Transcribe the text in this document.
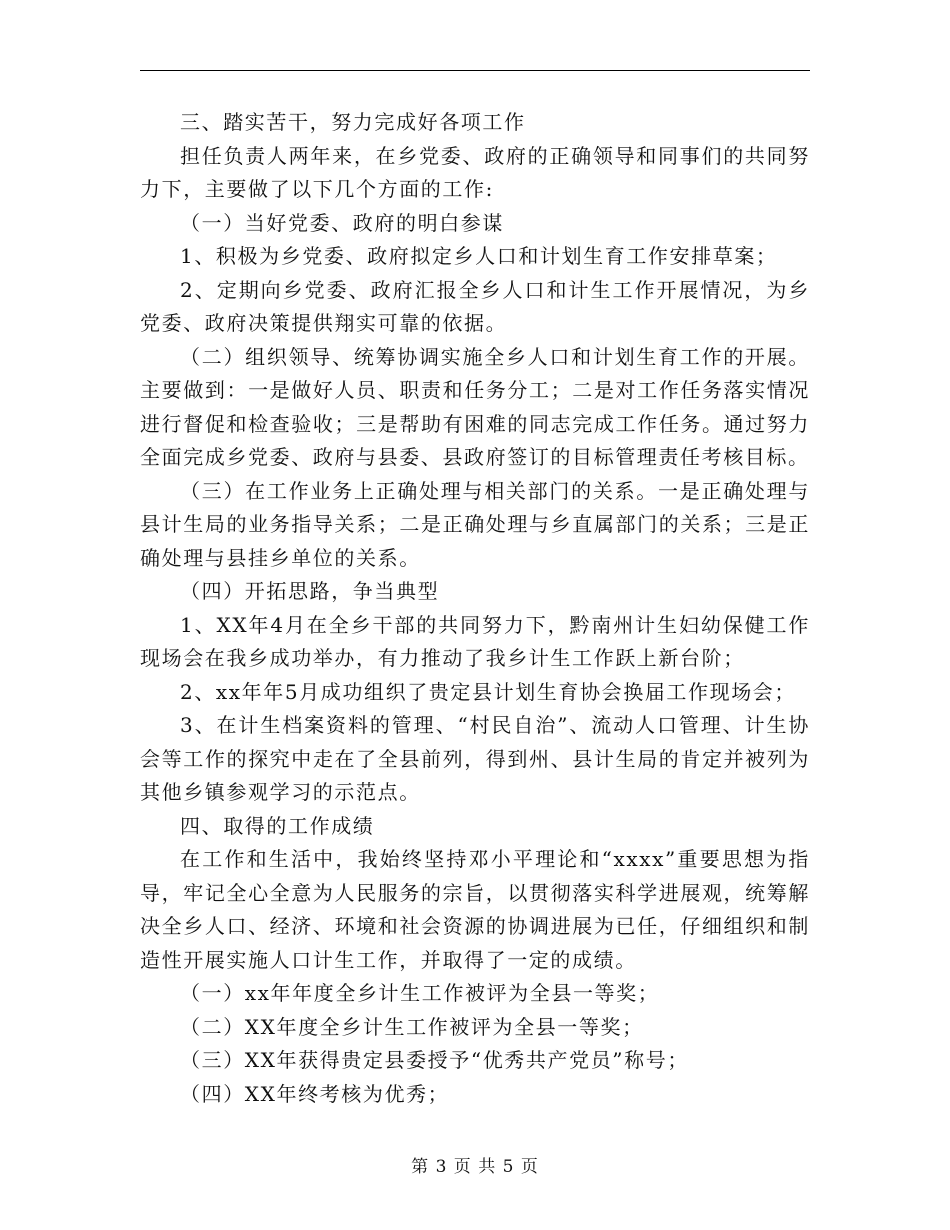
三、踏实苦干，努力完成好各项工作

担任负责人两年来，在乡党委、政府的正确领导和同事们的共同努力下，主要做了以下几个方面的工作:

（一）当好党委、政府的明白参谋

1、积极为乡党委、政府拟定乡人口和计划生育工作安排草案；

2、定期向乡党委、政府汇报全乡人口和计生工作开展情况，为乡党委、政府决策提供翔实可靠的依据。

（二）组织领导、统筹协调实施全乡人口和计划生育工作的开展。主要做到：一是做好人员、职责和任务分工；二是对工作任务落实情况进行督促和检查验收；三是帮助有困难的同志完成工作任务。通过努力全面完成乡党委、政府与县委、县政府签订的目标管理责任考核目标。

（三）在工作业务上正确处理与相关部门的关系。一是正确处理与县计生局的业务指导关系；二是正确处理与乡直属部门的关系；三是正确处理与县挂乡单位的关系。

（四）开拓思路，争当典型

1、XX年4月在全乡干部的共同努力下，黔南州计生妇幼保健工作现场会在我乡成功举办，有力推动了我乡计生工作跃上新台阶；

2、xx年年5月成功组织了贵定县计划生育协会换届工作现场会；

3、在计生档案资料的管理、“村民自治”、流动人口管理、计生协会等工作的探究中走在了全县前列，得到州、县计生局的肯定并被列为其他乡镇参观学习的示范点。

四、取得的工作成绩

在工作和生活中，我始终坚持邓小平理论和“xxxx”重要思想为指导，牢记全心全意为人民服务的宗旨，以贯彻落实科学进展观，统筹解决全乡人口、经济、环境和社会资源的协调进展为已任，仔细组织和制造性开展实施人口计生工作，并取得了一定的成绩。

（一）xx年年度全乡计生工作被评为全县一等奖；

（二）XX年度全乡计生工作被评为全县一等奖；

（三）XX年获得贵定县委授予“优秀共产党员”称号；

（四）XX年终考核为优秀；

第 3 页 共 5 页
